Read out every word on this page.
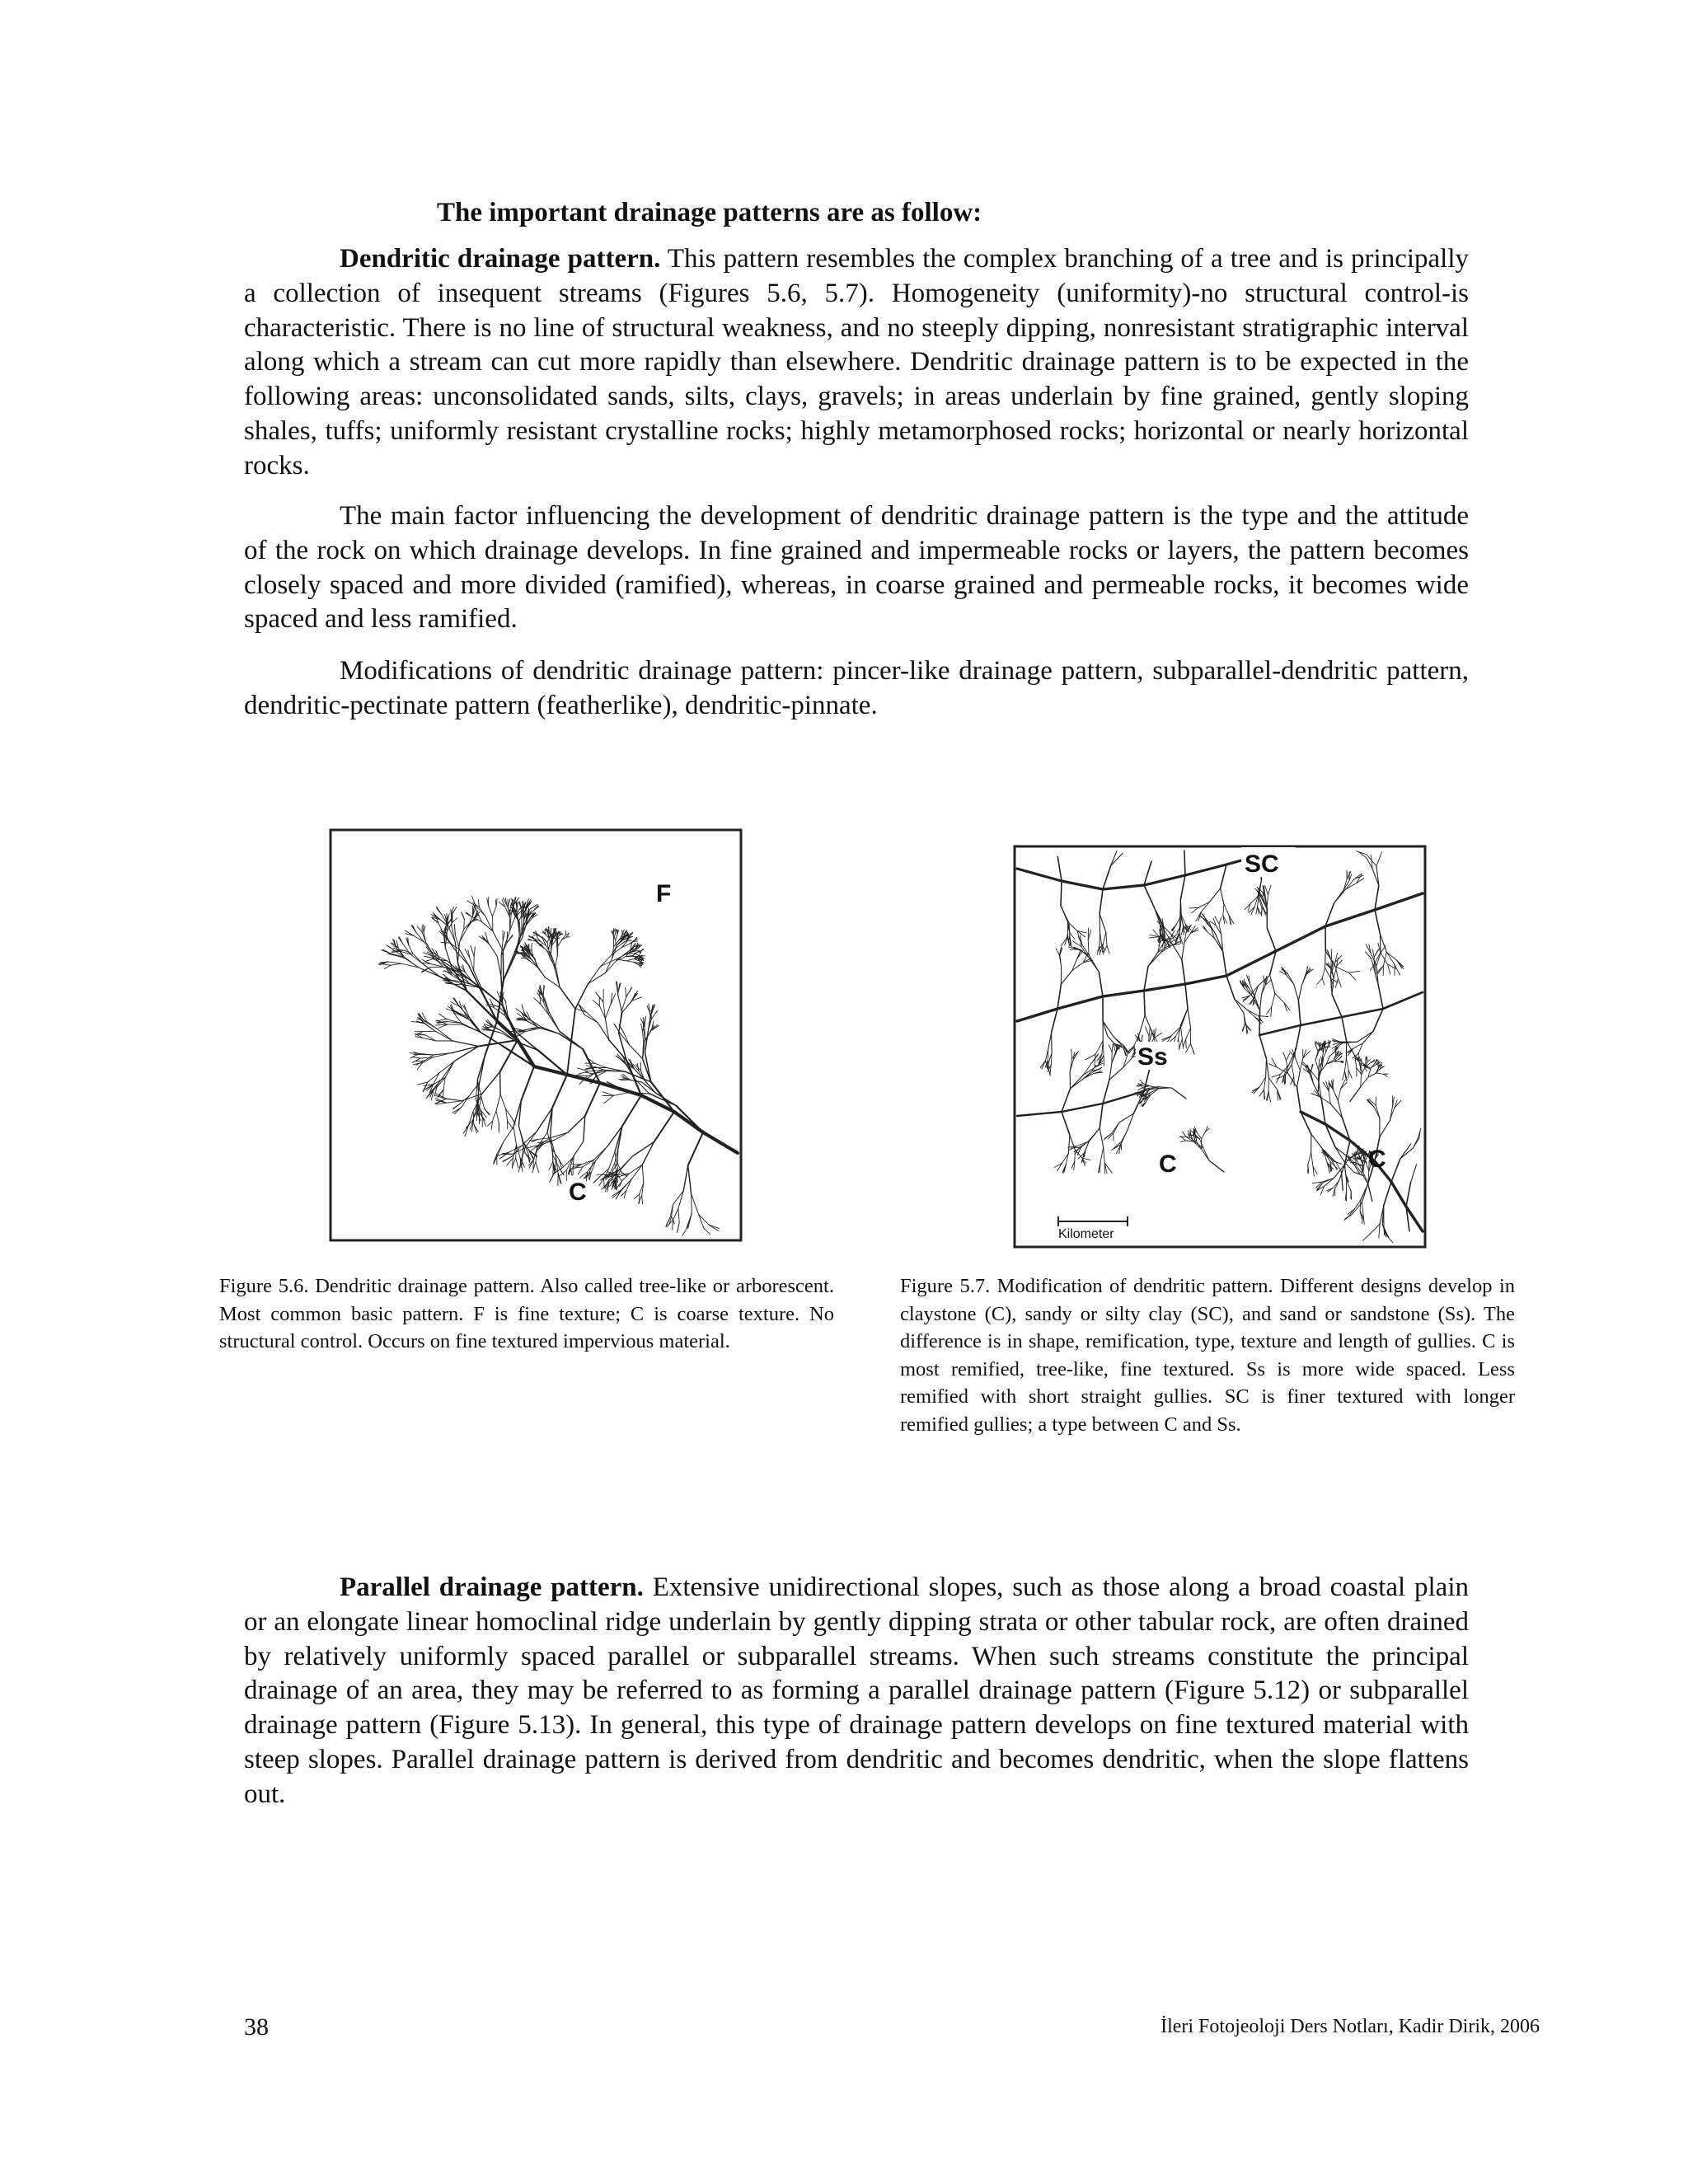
The important drainage patterns are as follow:

Dendritic drainage pattern. This pattern resembles the complex branching of a tree and is principally a collection of insequent streams (Figures 5.6, 5.7). Homogeneity (uniformity)-no structural control-is characteristic. There is no line of structural weakness, and no steeply dipping, nonresistant stratigraphic interval along which a stream can cut more rapidly than elsewhere. Dendritic drainage pattern is to be expected in the following areas: unconsolidated sands, silts, clays, gravels; in areas underlain by fine grained, gently sloping shales, tuffs; uniformly resistant crystalline rocks; highly metamorphosed rocks; horizontal or nearly horizontal rocks.

The main factor influencing the development of dendritic drainage pattern is the type and the attitude of the rock on which drainage develops. In fine grained and impermeable rocks or layers, the pattern becomes closely spaced and more divided (ramified), whereas, in coarse grained and permeable rocks, it becomes wide spaced and less ramified.

Modifications of dendritic drainage pattern: pincer-like drainage pattern, subparallel-dendritic pattern, dendritic-pectinate pattern (featherlike), dendritic-pinnate.

F
C
SC
Ss
C	C
Kilometer

Figure 5.6. Dendritic drainage pattern. Also called tree-like or arborescent. Most common basic pattern. F is fine texture; C is coarse texture. No structural control. Occurs on fine textured impervious material.

Figure 5.7. Modification of dendritic pattern. Different designs develop in claystone (C), sandy or silty clay (SC), and sand or sandstone (Ss). The difference is in shape, remification, type, texture and length of gullies. C is most remified, tree-like, fine textured. Ss is more wide spaced. Less remified with short straight gullies. SC is finer textured with longer remified gullies; a type between C and Ss.

Parallel drainage pattern. Extensive unidirectional slopes, such as those along a broad coastal plain or an elongate linear homoclinal ridge underlain by gently dipping strata or other tabular rock, are often drained by relatively uniformly spaced parallel or subparallel streams. When such streams constitute the principal drainage of an area, they may be referred to as forming a parallel drainage pattern (Figure 5.12) or subparallel drainage pattern (Figure 5.13). In general, this type of drainage pattern develops on fine textured material with steep slopes. Parallel drainage pattern is derived from dendritic and becomes dendritic, when the slope flattens out.

38	İleri Fotojeoloji Ders Notları, Kadir Dirik, 2006
